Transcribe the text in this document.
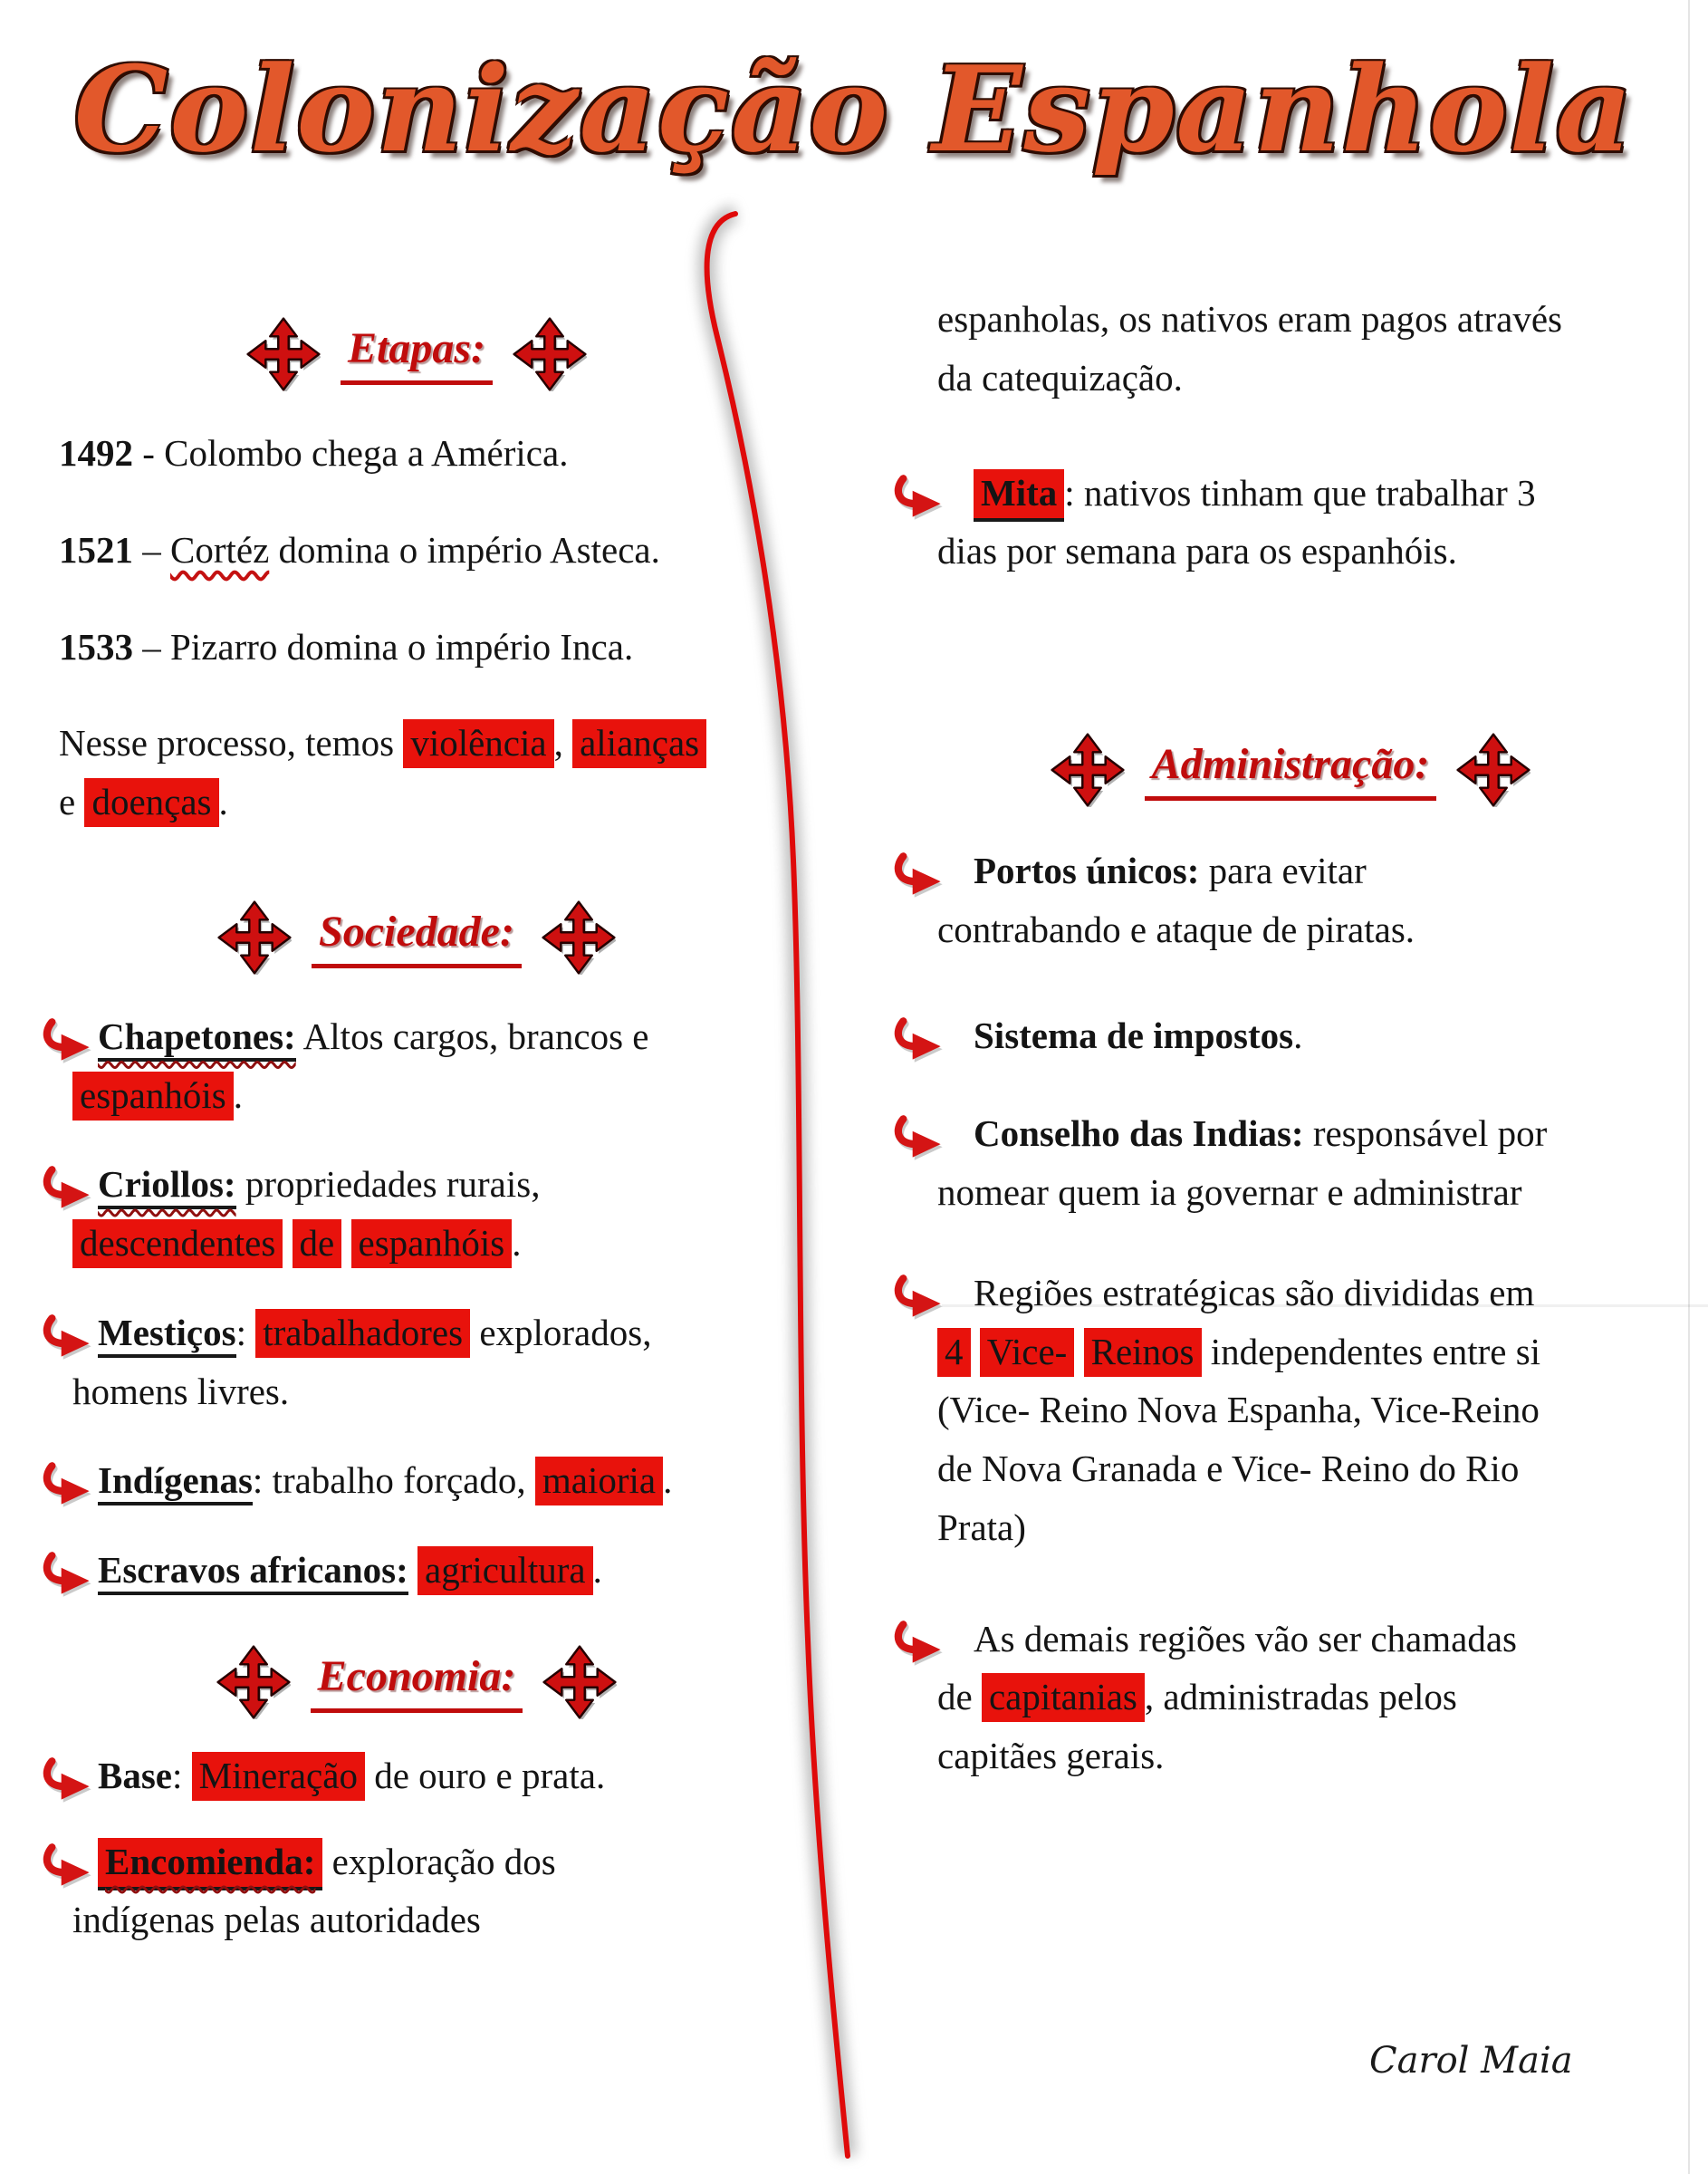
Colonização Espanhola
Etapas:

1492 - Colombo chega a América.

1521 – Cortéz domina o império Asteca.

1533 – Pizarro domina o império Inca.

Nesse processo, temos violência , alianças e doenças .

Sociedade:
Chapetones: Altos cargos, brancos e espanhóis .
Criollos: propriedades rurais, descendentes de espanhóis .
Mestiços: trabalhadores explorados, homens livres.
Indígenas: trabalho forçado, maioria .
Escravos africanos: agricultura .
Economia:
Base: Mineração de ouro e prata.
Encomienda: exploração dos indígenas pelas autoridades

espanholas, os nativos eram pagos através da catequização.

Mita : nativos tinham que trabalhar 3 dias por semana para os espanhóis.
Administração:
Portos únicos: para evitar contrabando e ataque de piratas.
Sistema de impostos.
Conselho das Indias: responsável por nomear quem ia governar e administrar
Regiões estratégicas são divididas em 4 Vice- Reinos independentes entre si (Vice- Reino Nova Espanha, Vice-Reino de Nova Granada e Vice- Reino do Rio Prata)
As demais regiões vão ser chamadas de capitanias , administradas pelos capitães gerais.
Carol Maia
